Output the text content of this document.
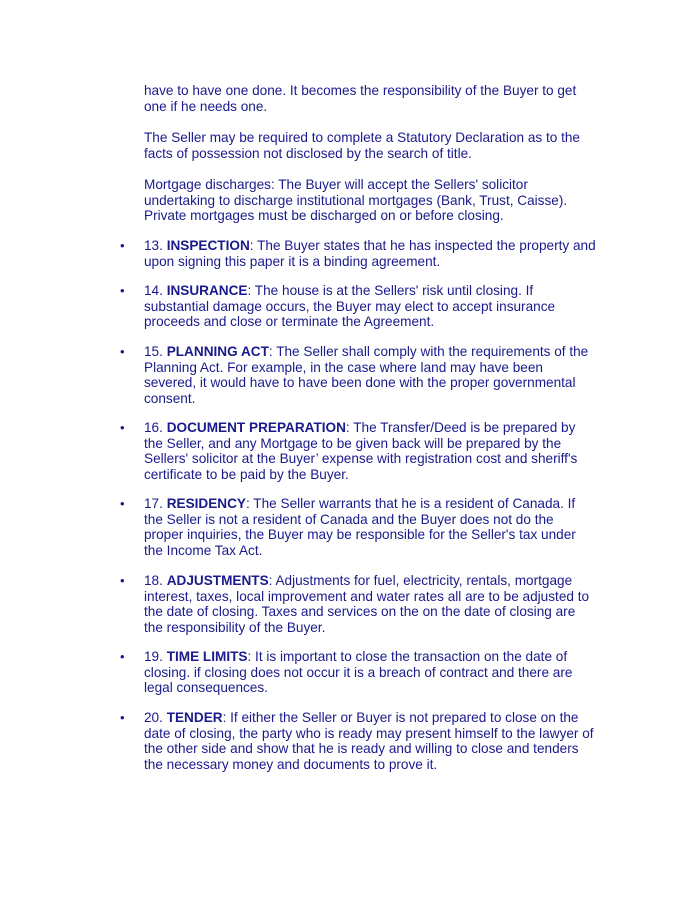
have to have one done. It becomes the responsibility of the Buyer to get one if he needs one.

The Seller may be required to complete a Statutory Declaration as to the facts of possession not disclosed by the search of title.

Mortgage discharges: The Buyer will accept the Sellers' solicitor undertaking to discharge institutional mortgages (Bank, Trust, Caisse). Private mortgages must be discharged on or before closing.

• 13. INSPECTION: The Buyer states that he has inspected the property and upon signing this paper it is a binding agreement.

• 14. INSURANCE: The house is at the Sellers' risk until closing. If substantial damage occurs, the Buyer may elect to accept insurance proceeds and close or terminate the Agreement.

• 15. PLANNING ACT: The Seller shall comply with the requirements of the Planning Act. For example, in the case where land may have been severed, it would have to have been done with the proper governmental consent.

• 16. DOCUMENT PREPARATION: The Transfer/Deed is be prepared by the Seller, and any Mortgage to be given back will be prepared by the Sellers' solicitor at the Buyer’ expense with registration cost and sheriff's certificate to be paid by the Buyer.

• 17. RESIDENCY: The Seller warrants that he is a resident of Canada. If the Seller is not a resident of Canada and the Buyer does not do the proper inquiries, the Buyer may be responsible for the Seller's tax under the Income Tax Act.

• 18. ADJUSTMENTS: Adjustments for fuel, electricity, rentals, mortgage interest, taxes, local improvement and water rates all are to be adjusted to the date of closing. Taxes and services on the on the date of closing are the responsibility of the Buyer.

• 19. TIME LIMITS: It is important to close the transaction on the date of closing. if closing does not occur it is a breach of contract and there are legal consequences.

• 20. TENDER: If either the Seller or Buyer is not prepared to close on the date of closing, the party who is ready may present himself to the lawyer of the other side and show that he is ready and willing to close and tenders the necessary money and documents to prove it.
